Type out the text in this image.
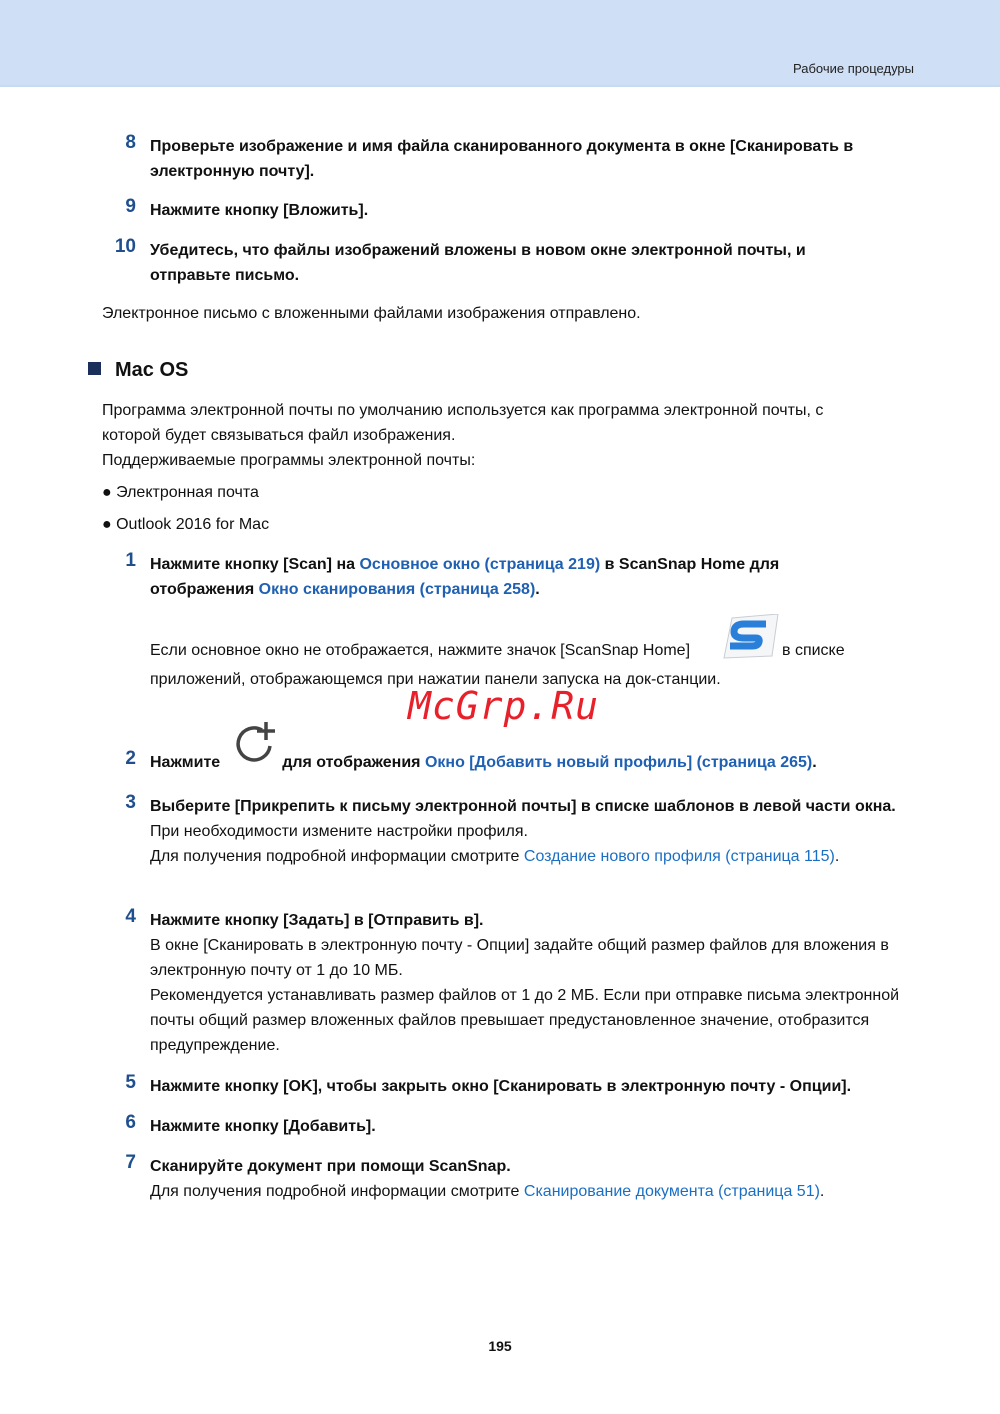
Рабочие процедуры
8 Проверьте изображение и имя файла сканированного документа в окне [Сканировать в электронную почту].
9 Нажмите кнопку [Вложить].
10 Убедитесь, что файлы изображений вложены в новом окне электронной почты, и отправьте письмо.
Электронное письмо с вложенными файлами изображения отправлено.
Mac OS
Программа электронной почты по умолчанию используется как программа электронной почты, с которой будет связываться файл изображения.
Поддерживаемые программы электронной почты:
● Электронная почта
● Outlook 2016 for Mac
1 Нажмите кнопку [Scan] на Основное окно (страница 219) в ScanSnap Home для отображения Окно сканирования (страница 258).
Если основное окно не отображается, нажмите значок [ScanSnap Home]	в списке
приложений, отображающемся при нажатии панели запуска на док-станции.
McGrp.Ru
2 Нажмите	для отображения Окно [Добавить новый профиль] (страница 265).
3 Выберите [Прикрепить к письму электронной почты] в списке шаблонов в левой части окна.
При необходимости измените настройки профиля.
Для получения подробной информации смотрите Создание нового профиля (страница 115).
4 Нажмите кнопку [Задать] в [Отправить в].
В окне [Сканировать в электронную почту - Опции] задайте общий размер файлов для вложения в электронную почту от 1 до 10 МБ.
Рекомендуется устанавливать размер файлов от 1 до 2 МБ. Если при отправке письма электронной почты общий размер вложенных файлов превышает предустановленное значение, отобразится предупреждение.
5 Нажмите кнопку [OK], чтобы закрыть окно [Сканировать в электронную почту - Опции].
6 Нажмите кнопку [Добавить].
7 Сканируйте документ при помощи ScanSnap.
Для получения подробной информации смотрите Сканирование документа (страница 51).
195
